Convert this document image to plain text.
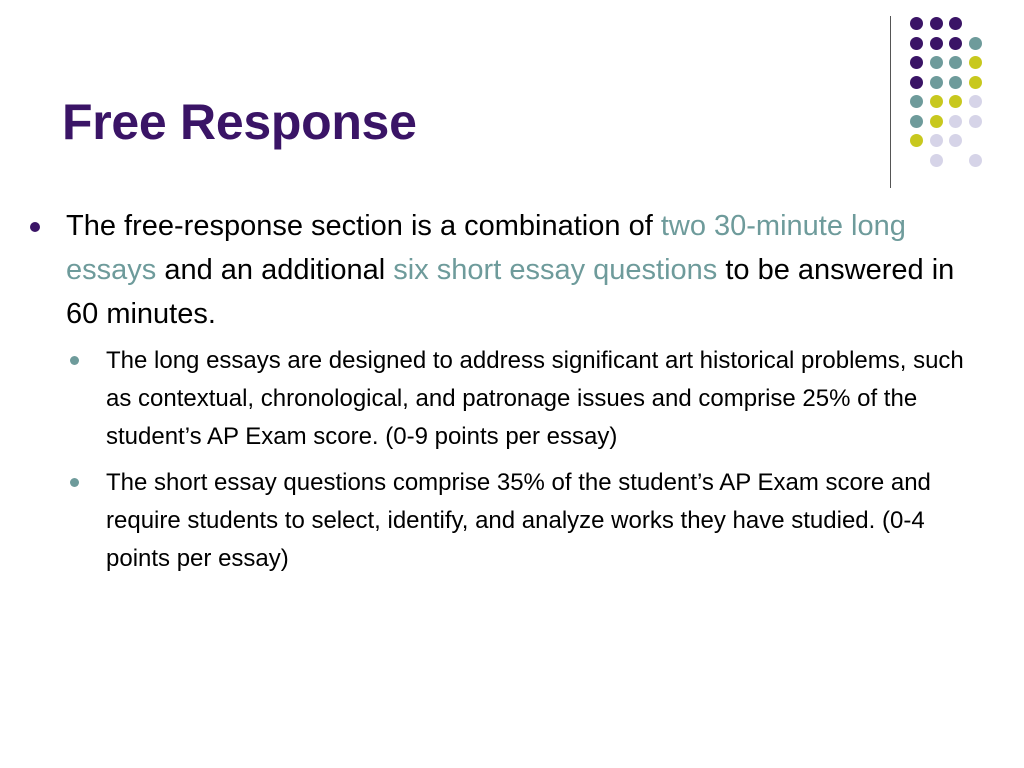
Free Response

The free-response section is a combination of two 30-minute long essays and an additional six short essay questions to be answered in 60 minutes.

The long essays are designed to address significant art historical problems, such as contextual, chronological, and patronage issues and comprise 25% of the student’s AP Exam score. (0-9 points per essay)

The short essay questions comprise 35% of the student’s AP Exam score and require students to select, identify, and analyze works they have studied. (0-4 points per essay)
